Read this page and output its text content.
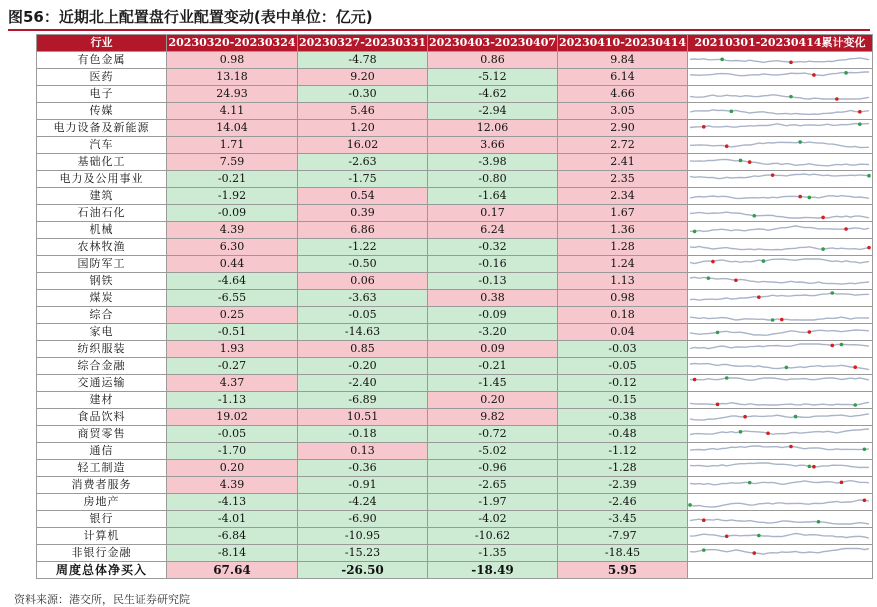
图56：近期北上配置盘行业配置变动(表中单位：亿元)
行业	20230320-20230324	20230327-20230331	20230403-20230407	20230410-20230414	20210301-20230414累计变化
有色金属	0.98	-4.78	0.86	9.84	

医药	13.18	9.20	-5.12	6.14	

电子	24.93	-0.30	-4.62	4.66	

传媒	4.11	5.46	-2.94	3.05	

电力设备及新能源	14.04	1.20	12.06	2.90	

汽车	1.71	16.02	3.66	2.72	

基础化工	7.59	-2.63	-3.98	2.41	

电力及公用事业	-0.21	-1.75	-0.80	2.35	

建筑	-1.92	0.54	-1.64	2.34	

石油石化	-0.09	0.39	0.17	1.67	

机械	4.39	6.86	6.24	1.36	

农林牧渔	6.30	-1.22	-0.32	1.28	

国防军工	0.44	-0.50	-0.16	1.24	

钢铁	-4.64	0.06	-0.13	1.13	

煤炭	-6.55	-3.63	0.38	0.98	

综合	0.25	-0.05	-0.09	0.18	

家电	-0.51	-14.63	-3.20	0.04	

纺织服装	1.93	0.85	0.09	-0.03	

综合金融	-0.27	-0.20	-0.21	-0.05	

交通运输	4.37	-2.40	-1.45	-0.12	

建材	-1.13	-6.89	0.20	-0.15	

食品饮料	19.02	10.51	9.82	-0.38	

商贸零售	-0.05	-0.18	-0.72	-0.48	

通信	-1.70	0.13	-5.02	-1.12	

轻工制造	0.20	-0.36	-0.96	-1.28	

消费者服务	4.39	-0.91	-2.65	-2.39	

房地产	-4.13	-4.24	-1.97	-2.46	

银行	-4.01	-6.90	-4.02	-3.45	

计算机	-6.84	-10.95	-10.62	-7.97	

非银行金融	-8.14	-15.23	-1.35	-18.45	

周度总体净买入	67.64	-26.50	-18.49	5.95	
资料来源：港交所，民生证券研究院
